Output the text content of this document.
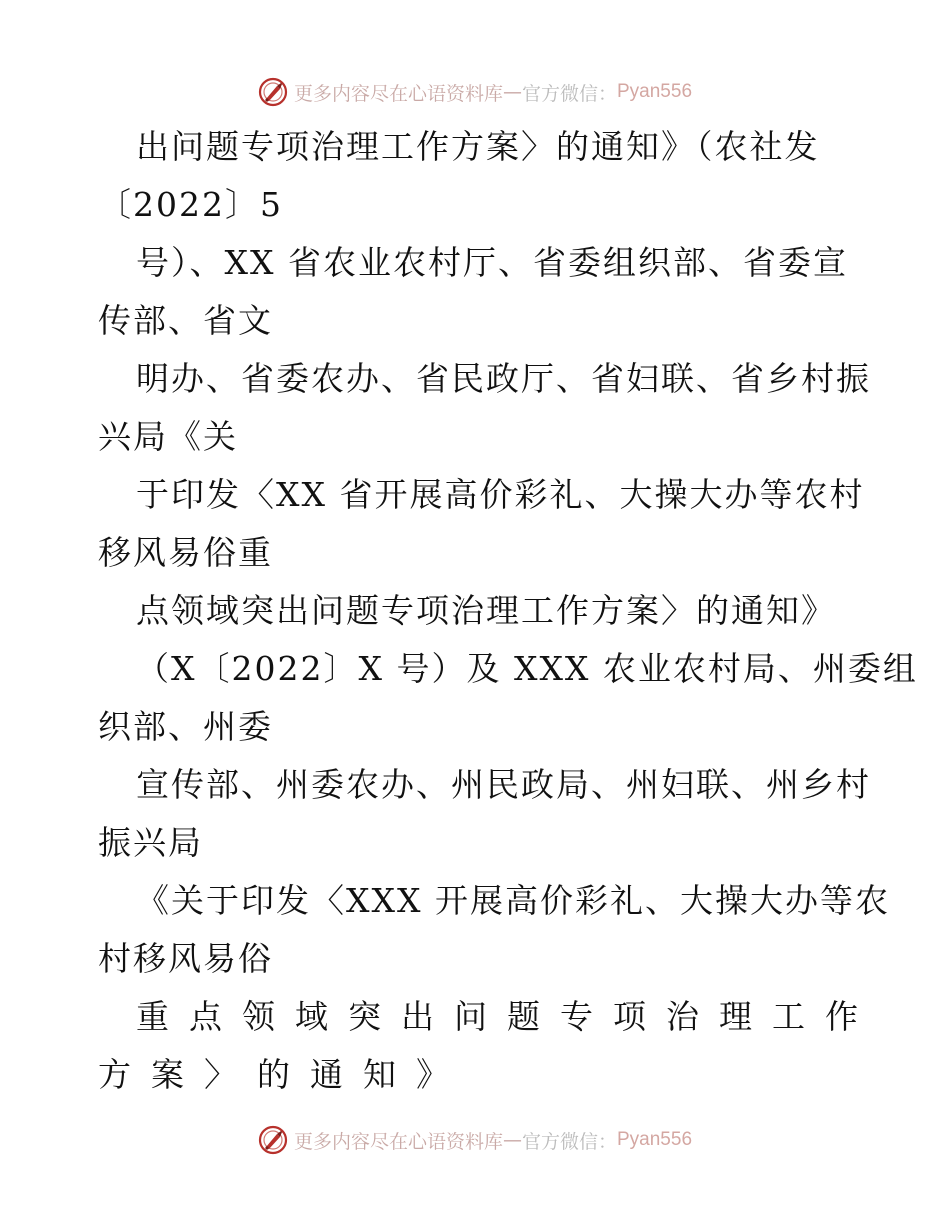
更多内容尽在心语资料库 — 官方微信： Pyan556
出问题专项治理工作方案〉的通知》（农社发
〔2022〕5
号）、XX 省农业农村厅、省委组织部、省委宣
传部、省文
明办、省委农办、省民政厅、省妇联、省乡村振
兴局《关
于印发〈XX 省开展高价彩礼、大操大办等农村
移风易俗重
点领域突出问题专项治理工作方案〉的通知》
（X〔2022〕X 号）及 XXX 农业农村局、州委组
织部、州委
宣传部、州委农办、州民政局、州妇联、州乡村
振兴局
《关于印发〈XXX 开展高价彩礼、大操大办等农
村移风易俗
重点领域突出问题专项治理工作
方案〉的通知》
更多内容尽在心语资料库 — 官方微信： Pyan556
